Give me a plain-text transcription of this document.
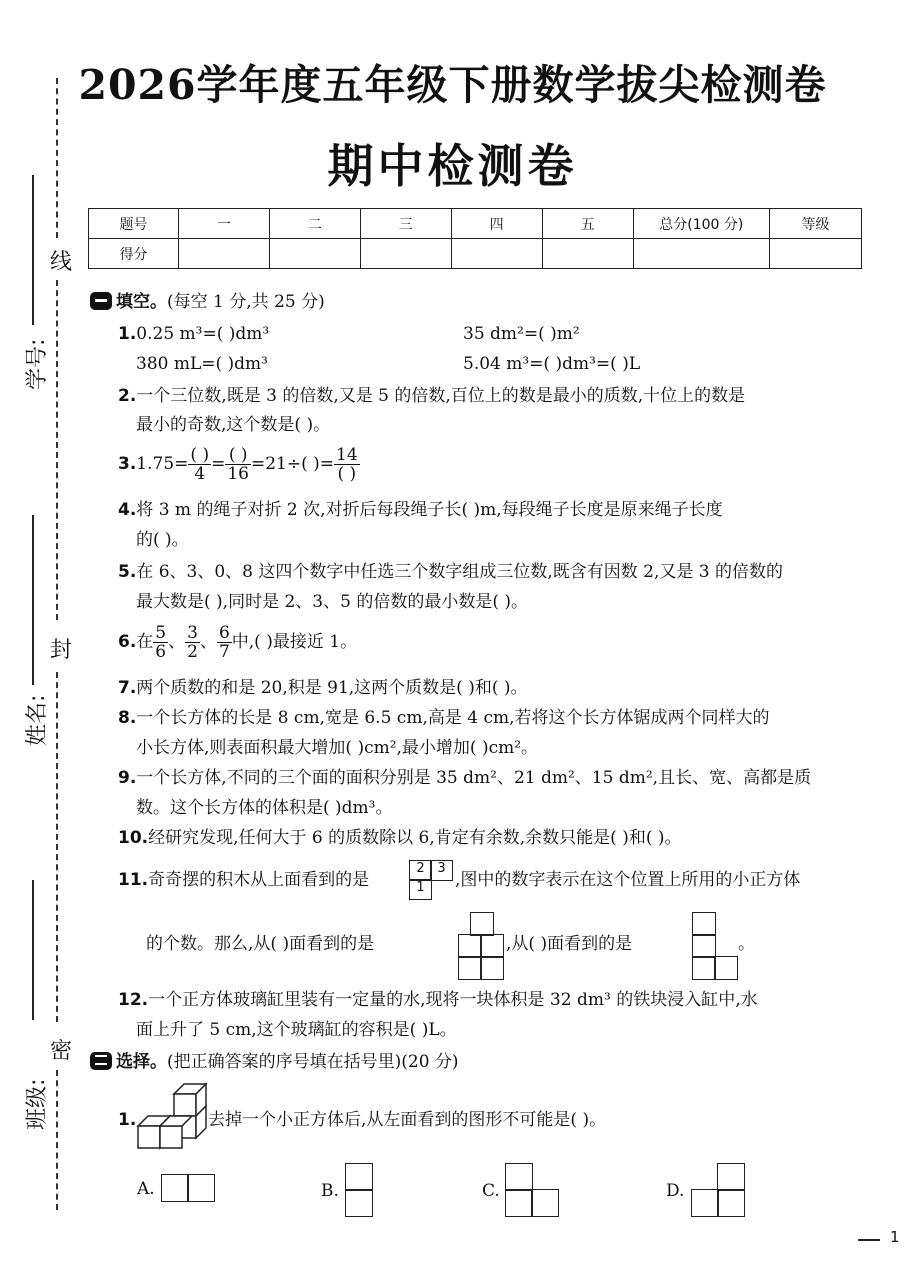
2026学年度五年级下册数学拔尖检测卷
期中检测卷
线
封
密
学号:
姓名:
班级:
题号	一	二	三	四	五	总分(100 分)	等级
得分							
填空。(每空 1 分,共 25 分)
1.0.25 m³=( )dm³	35 dm²=( )m²
380 mL=( )dm³	5.04 m³=( )dm³=( )L
2.一个三位数,既是 3 的倍数,又是 5 的倍数,百位上的数是最小的质数,十位上的数是
最小的奇数,这个数是( )。
$3.1.75= \frac{( )}{4} = \frac{( )}{16} =21\div$( )= $\frac{14}{( )}$
4.将 3 m 的绳子对折 2 次,对折后每段绳子长( )m,每段绳子长度是原来绳子长度
的( )。
5.在 6、3、0、8 这四个数字中任选三个数字组成三位数,既含有因数 2,又是 3 的倍数的
最大数是( ),同时是 2、3、5 的倍数的最小数是( )。
6.在 $\frac{5}{6}$ 、 $\frac{3}{2}$ 、 $\frac{6}{7}$ 中,( )最接近 1。
7.两个质数的和是 20,积是 91,这两个质数是( )和( )。
8.一个长方体的长是 8 cm,宽是 6.5 cm,高是 4 cm,若将这个长方体锯成两个同样大的
小长方体,则表面积最大增加( )cm²,最小增加( )cm²。
9.一个长方体,不同的三个面的面积分别是 35 dm²、21 dm²、15 dm²,且长、宽、高都是质
数。这个长方体的体积是( )dm³。
10.经研究发现,任何大于 6 的质数除以 6,肯定有余数,余数只能是( )和( )。
11.奇奇摆的积木从上面看到的是
2 3
1	,图中的数字表示在这个位置上所用的小正方体
的个数。那么,从( )面看到的是	,从( )面看到的是	。
12.一个正方体玻璃缸里装有一定量的水,现将一块体积是 32 dm³ 的铁块浸入缸中,水
面上升了 5 cm,这个玻璃缸的容积是( )L。
选择。(把正确答案的序号填在括号里)(20 分)
1.	去掉一个小正方体后,从左面看到的图形不可能是( )。
A.	B.	C.	D.
1
